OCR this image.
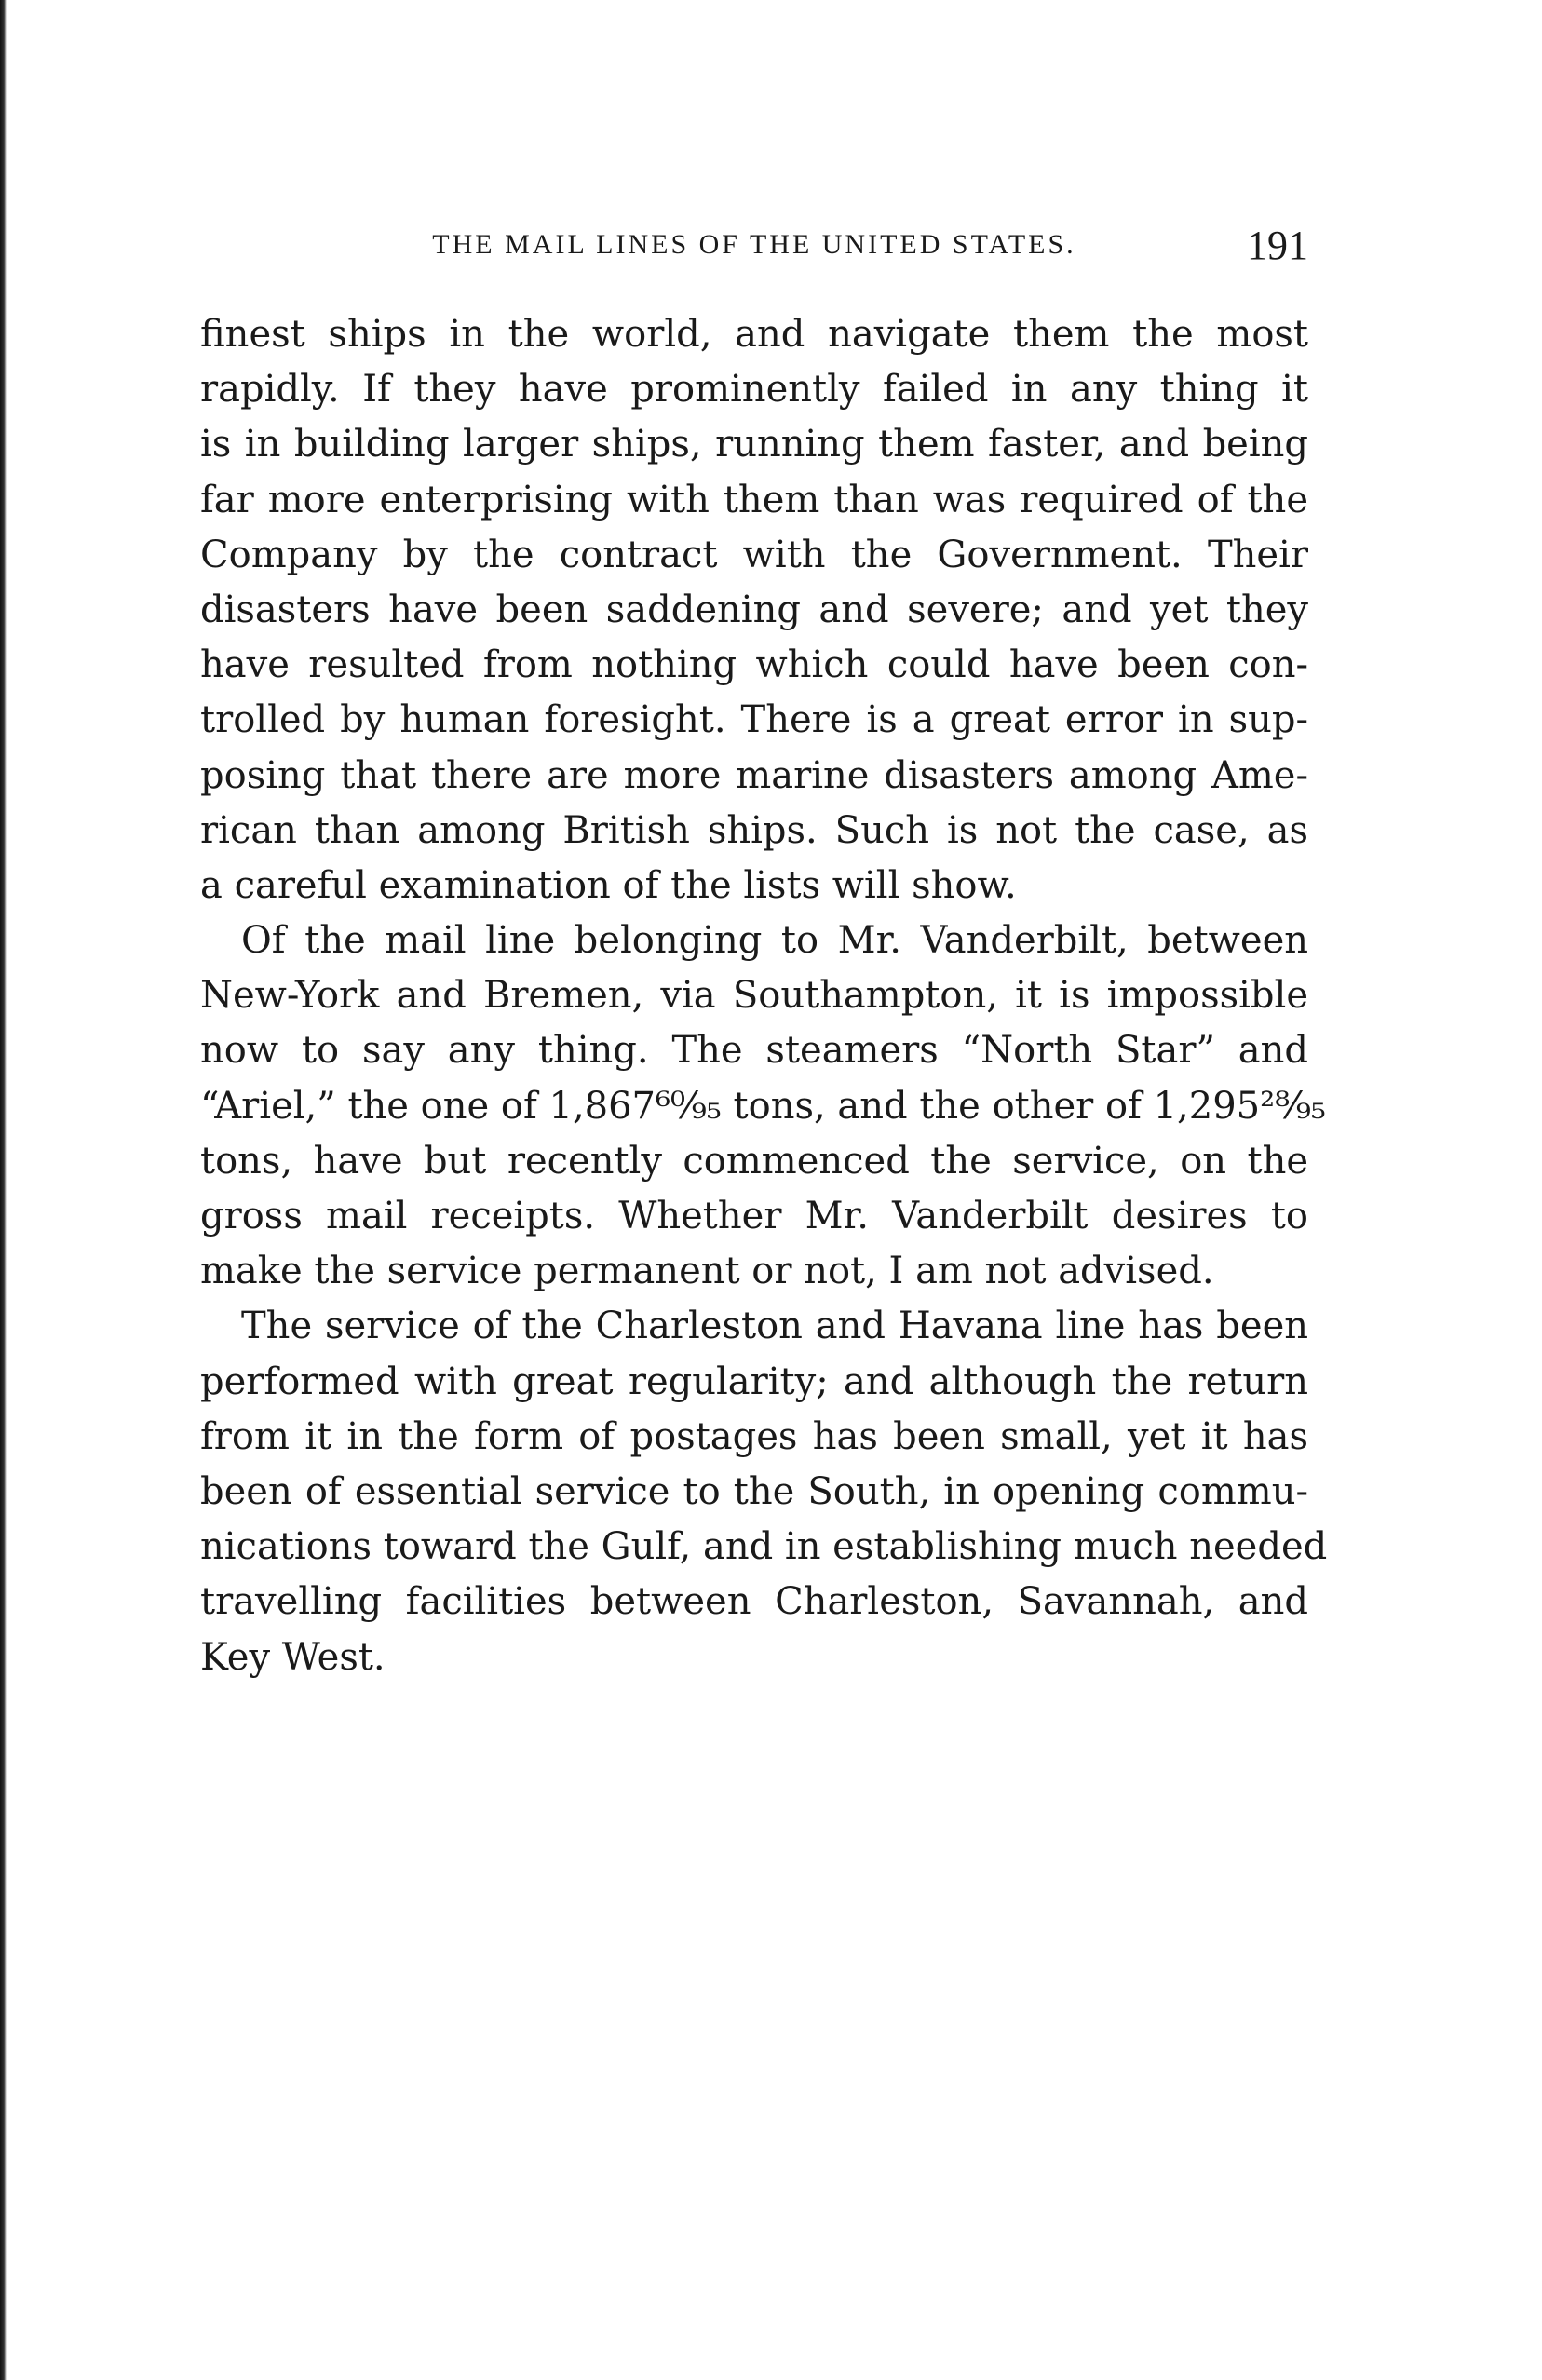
THE MAIL LINES OF THE UNITED STATES.	191
finest ships in the world, and navigate them the most
rapidly. If they have prominently failed in any thing it
is in building larger ships, running them faster, and being
far more enterprising with them than was required of the
Company by the contract with the Government. Their
disasters have been saddening and severe; and yet they
have resulted from nothing which could have been con-
trolled by human foresight. There is a great error in sup-
posing that there are more marine disasters among Ame-
rican than among British ships. Such is not the case, as
a careful examination of the lists will show.
Of the mail line belonging to Mr. Vanderbilt, between
New-York and Bremen, via Southampton, it is impossible
now to say any thing. The steamers “North Star” and
“Ariel,” the one of 1,867⁶⁰⁄₉₅ tons, and the other of 1,295²⁸⁄₉₅
tons, have but recently commenced the service, on the
gross mail receipts. Whether Mr. Vanderbilt desires to
make the service permanent or not, I am not advised.
The service of the Charleston and Havana line has been
performed with great regularity; and although the return
from it in the form of postages has been small, yet it has
been of essential service to the South, in opening commu-
nications toward the Gulf, and in establishing much needed
travelling facilities between Charleston, Savannah, and
Key West.
